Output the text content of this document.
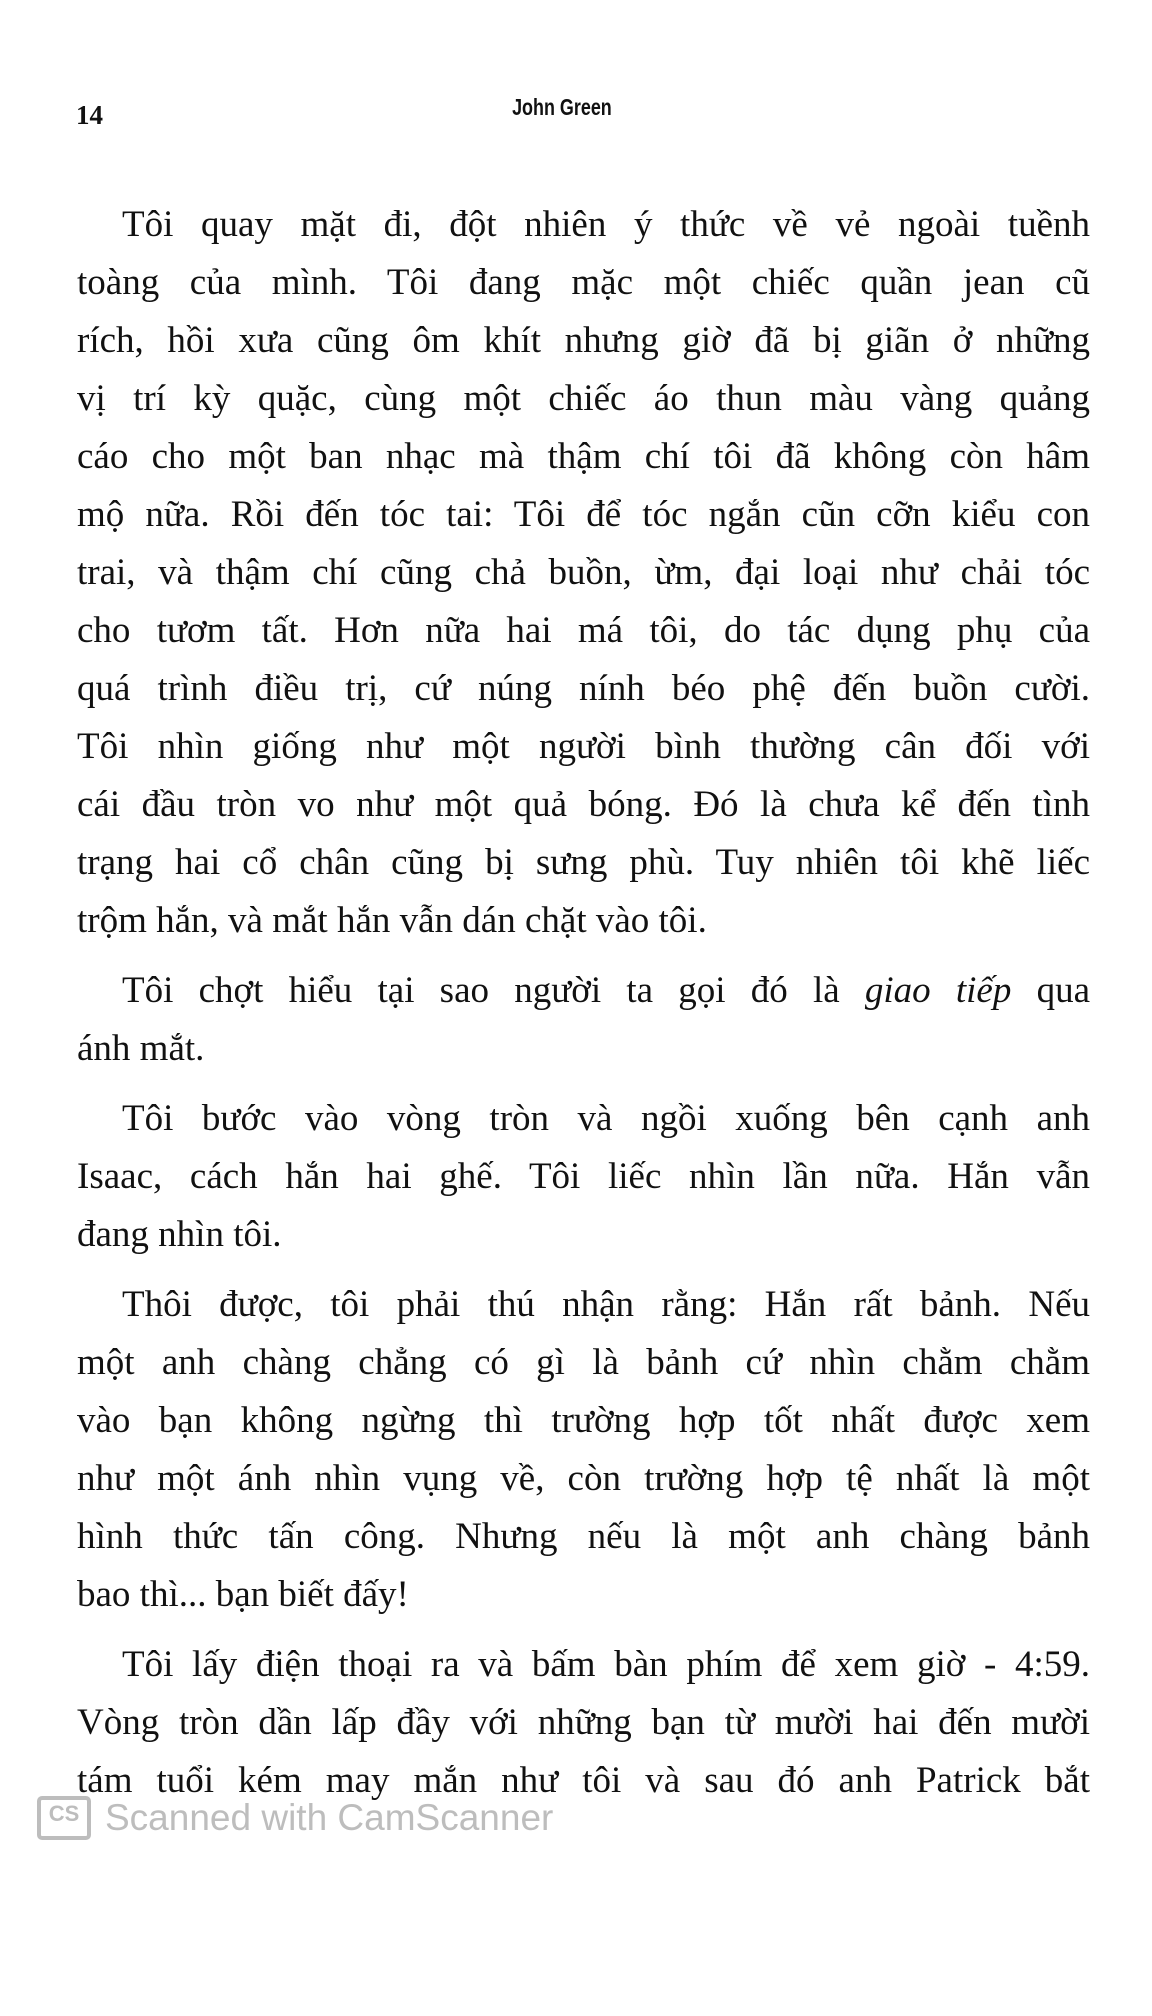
14	John Green
Tôi quay mặt đi, đột nhiên ý thức về vẻ ngoài tuềnh
toàng của mình. Tôi đang mặc một chiếc quần jean cũ
rích, hồi xưa cũng ôm khít nhưng giờ đã bị giãn ở những
vị trí kỳ quặc, cùng một chiếc áo thun màu vàng quảng
cáo cho một ban nhạc mà thậm chí tôi đã không còn hâm
mộ nữa. Rồi đến tóc tai: Tôi để tóc ngắn cũn cỡn kiểu con
trai, và thậm chí cũng chả buồn, ừm, đại loại như chải tóc
cho tươm tất. Hơn nữa hai má tôi, do tác dụng phụ của
quá trình điều trị, cứ núng nính béo phệ đến buồn cười.
Tôi nhìn giống như một người bình thường cân đối với
cái đầu tròn vo như một quả bóng. Đó là chưa kể đến tình
trạng hai cổ chân cũng bị sưng phù. Tuy nhiên tôi khẽ liếc
trộm hắn, và mắt hắn vẫn dán chặt vào tôi.
Tôi chợt hiểu tại sao người ta gọi đó là giao tiếp qua
ánh mắt.
Tôi bước vào vòng tròn và ngồi xuống bên cạnh anh
Isaac, cách hắn hai ghế. Tôi liếc nhìn lần nữa. Hắn vẫn
đang nhìn tôi.
Thôi được, tôi phải thú nhận rằng: Hắn rất bảnh. Nếu
một anh chàng chẳng có gì là bảnh cứ nhìn chằm chằm
vào bạn không ngừng thì trường hợp tốt nhất được xem
như một ánh nhìn vụng về, còn trường hợp tệ nhất là một
hình thức tấn công. Nhưng nếu là một anh chàng bảnh
bao thì... bạn biết đấy!
Tôi lấy điện thoại ra và bấm bàn phím để xem giờ - 4:59.
Vòng tròn dần lấp đầy với những bạn từ mười hai đến mười
tám tuổi kém may mắn như tôi và sau đó anh Patrick bắt
CS Scanned with CamScanner
